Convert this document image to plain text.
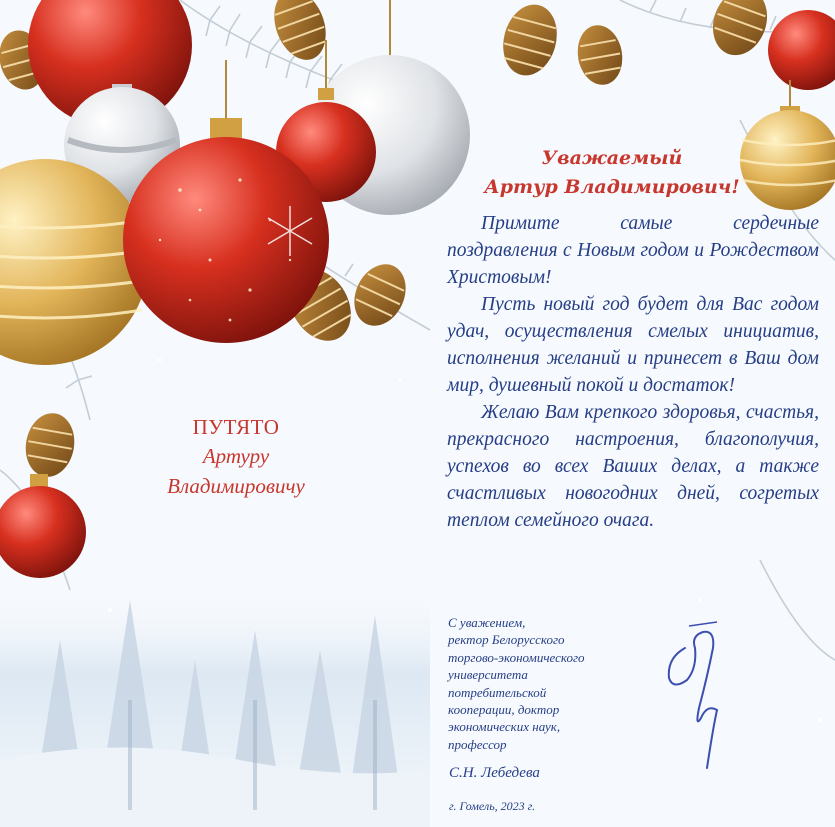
ПУТЯТО
Артуру
Владимировичу
Уважаемый
Артур Владимирович!

Примите самые сердечные поздравления с Новым годом и Рождеством Христовым!

Пусть новый год будет для Вас годом удач, осуществления смелых инициатив, исполнения желаний и принесет в Ваш дом мир, душевный покой и достаток!

Желаю Вам крепкого здоровья, счастья, прекрасного настроения, благополучия, успехов во всех Ваших делах, а также счастливых новогодних дней, согретых теплом семейного очага.

С уважением,
ректор Белорусского
торгово-экономического
университета
потребительской
кооперации, доктор
экономических наук,
профессор
С.Н. Лебедева
г. Гомель, 2023 г.
